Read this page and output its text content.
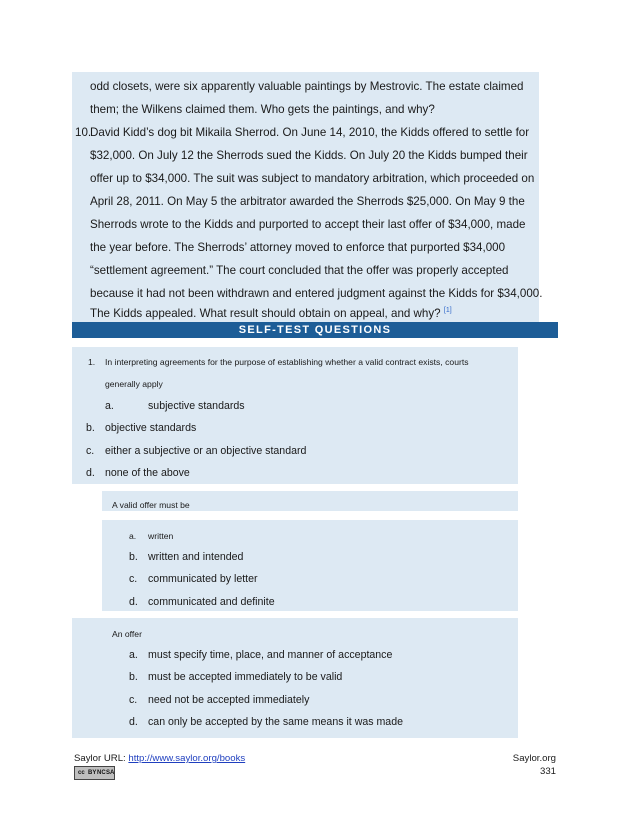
odd closets, were six apparently valuable paintings by Mestrovic. The estate claimed
them; the Wilkens claimed them. Who gets the paintings, and why?
10.
David Kidd’s dog bit Mikaila Sherrod. On June 14, 2010, the Kidds offered to settle for
$32,000. On July 12 the Sherrods sued the Kidds. On July 20 the Kidds bumped their
offer up to $34,000. The suit was subject to mandatory arbitration, which proceeded on
April 28, 2011. On May 5 the arbitrator awarded the Sherrods $25,000. On May 9 the
Sherrods wrote to the Kidds and purported to accept their last offer of $34,000, made
the year before. The Sherrods’ attorney moved to enforce that purported $34,000
“settlement agreement.” The court concluded that the offer was properly accepted
because it had not been withdrawn and entered judgment against the Kidds for $34,000.
The Kidds appealed. What result should obtain on appeal, and why? [1]
SELF-TEST QUESTIONS
1. In interpreting agreements for the purpose of establishing whether a valid contract exists, courts
generally apply
a.	subjective standards
b. objective standards
c. either a subjective or an objective standard
d. none of the above
A valid offer must be
a. written
b. written and intended
c. communicated by letter
d. communicated and definite
An offer
a. must specify time, place, and manner of acceptance
b. must be accepted immediately to be valid
c. need not be accepted immediately
d. can only be accepted by the same means it was made
Saylor URL: http://www.saylor.org/books
cc BY NC SA
Saylor.org
331
